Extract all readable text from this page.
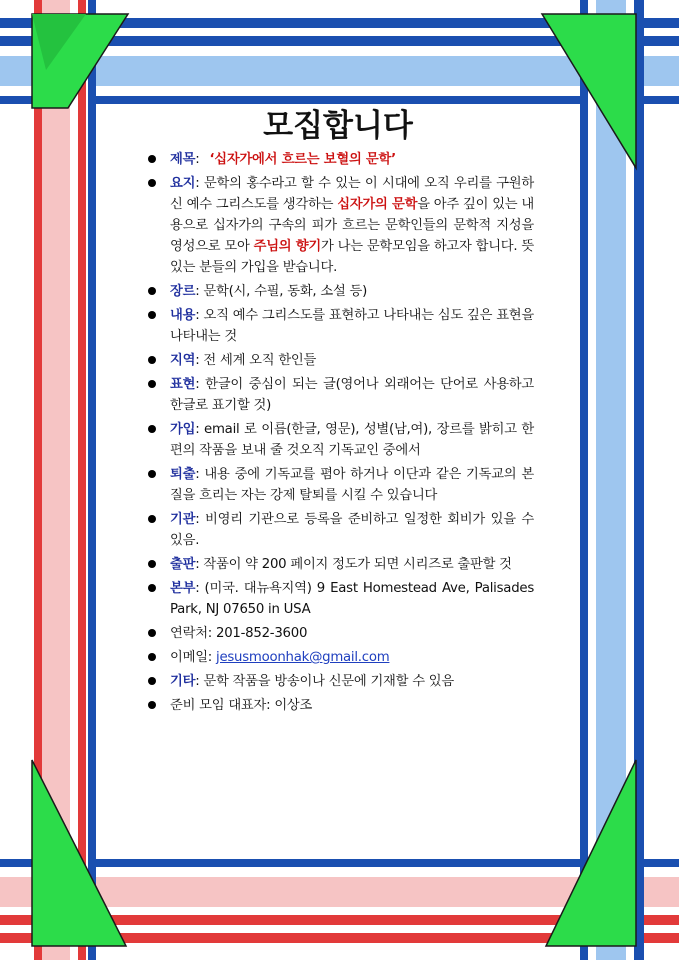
모집합니다
제목: ‘십자가에서 흐르는 보혈의 문학’
요지: 문학의 홍수라고 할 수 있는 이 시대에 오직 우리를 구원하신 예수 그리스도를 생각하는 십자가의 문학을 아주 깊이 있는 내용으로 십자가의 구속의 피가 흐르는 문학인들의 문학적 지성을 영성으로 모아 주님의 향기가 나는 문학모임을 하고자 합니다. 뜻있는 분들의 가입을 받습니다.
장르: 문학(시, 수필, 동화, 소설 등)
내용: 오직 예수 그리스도를 표현하고 나타내는 심도 깊은 표현을 나타내는 것
지역: 전 세계 오직 한인들
표현: 한글이 중심이 되는 글(영어나 외래어는 단어로 사용하고 한글로 표기할 것)
가입: email 로 이름(한글, 영문), 성별(남,여), 장르를 밝히고 한 편의 작품을 보내 줄 것오직 기독교인 중에서
퇴출: 내용 중에 기독교를 폄아 하거나 이단과 같은 기독교의 본질을 흐리는 자는 강제 탈퇴를 시킬 수 있습니다
기관: 비영리 기관으로 등록을 준비하고 일정한 회비가 있을 수 있음.
출판: 작품이 약 200 페이지 정도가 되면 시리즈로 출판할 것
본부: (미국. 대뉴욕지역) 9 East Homestead Ave, Palisades Park, NJ 07650 in USA
연락처: 201-852-3600
이메일: jesusmoonhak@gmail.com
기타: 문학 작품을 방송이나 신문에 기재할 수 있음
준비 모임 대표자: 이상조
